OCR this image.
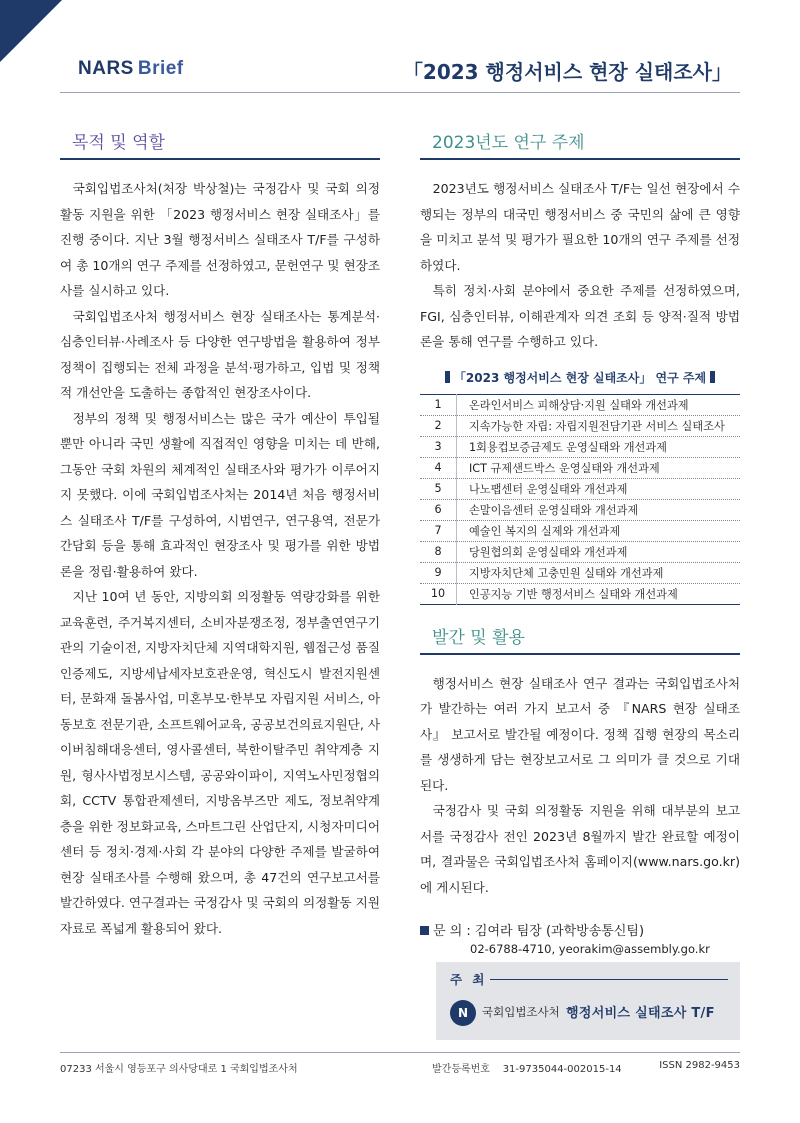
NARS Brief	「2023 행정서비스 현장 실태조사」
목적 및 역할

국회입법조사처(처장 박상철)는 국정감사 및 국회 의정활동 지원을 위한 「2023 행정서비스 현장 실태조사」를 진행 중이다. 지난 3월 행정서비스 실태조사 T/F를 구성하여 총 10개의 연구 주제를 선정하였고, 문헌연구 및 현장조사를 실시하고 있다.

국회입법조사처 행정서비스 현장 실태조사는 통계분석·심층인터뷰·사례조사 등 다양한 연구방법을 활용하여 정부 정책이 집행되는 전체 과정을 분석·평가하고, 입법 및 정책적 개선안을 도출하는 종합적인 현장조사이다.

정부의 정책 및 행정서비스는 많은 국가 예산이 투입될 뿐만 아니라 국민 생활에 직접적인 영향을 미치는 데 반해, 그동안 국회 차원의 체계적인 실태조사와 평가가 이루어지지 못했다. 이에 국회입법조사처는 2014년 처음 행정서비스 실태조사 T/F를 구성하여, 시범연구, 연구용역, 전문가간담회 등을 통해 효과적인 현장조사 및 평가를 위한 방법론을 정립·활용하여 왔다.

지난 10여 년 동안, 지방의회 의정활동 역량강화를 위한 교육훈련, 주거복지센터, 소비자분쟁조정, 정부출연연구기관의 기술이전, 지방자치단체 지역대학지원, 웹접근성 품질인증제도, 지방세납세자보호관운영, 혁신도시 발전지원센터, 문화재 돌봄사업, 미혼부모·한부모 자립지원 서비스, 아동보호 전문기관, 소프트웨어교육, 공공보건의료지원단, 사이버침해대응센터, 영사콜센터, 북한이탈주민 취약계층 지원, 형사사법정보시스템, 공공와이파이, 지역노사민정협의회, CCTV 통합관제센터, 지방옴부즈만 제도, 정보취약계층을 위한 정보화교육, 스마트그린 산업단지, 시청자미디어센터 등 정치·경제·사회 각 분야의 다양한 주제를 발굴하여 현장 실태조사를 수행해 왔으며, 총 47건의 연구보고서를 발간하였다. 연구결과는 국정감사 및 국회의 의정활동 지원 자료로 폭넓게 활용되어 왔다.

2023년도 연구 주제

2023년도 행정서비스 실태조사 T/F는 일선 현장에서 수행되는 정부의 대국민 행정서비스 중 국민의 삶에 큰 영향을 미치고 분석 및 평가가 필요한 10개의 연구 주제를 선정하였다.

특히 정치·사회 분야에서 중요한 주제를 선정하였으며, FGI, 심층인터뷰, 이해관계자 의견 조회 등 양적·질적 방법론을 통해 연구를 수행하고 있다.

「2023 행정서비스 현장 실태조사」 연구 주제
1	온라인서비스 피해상담·지원 실태와 개선과제
2	지속가능한 자립: 자립지원전담기관 서비스 실태조사
3	1회용컵보증금제도 운영실태와 개선과제
4	ICT 규제샌드박스 운영실태와 개선과제
5	나노팹센터 운영실태와 개선과제
6	손말이음센터 운영실태와 개선과제
7	예술인 복지의 실제와 개선과제
8	당원협의회 운영실태와 개선과제
9	지방자치단체 고충민원 실태와 개선과제
10	인공지능 기반 행정서비스 실태와 개선과제
발간 및 활용

행정서비스 현장 실태조사 연구 결과는 국회입법조사처가 발간하는 여러 가지 보고서 중 『NARS 현장 실태조사』 보고서로 발간될 예정이다. 정책 집행 현장의 목소리를 생생하게 담는 현장보고서로 그 의미가 클 것으로 기대된다.

국정감사 및 국회 의정활동 지원을 위해 대부분의 보고서를 국정감사 전인 2023년 8월까지 발간 완료할 예정이며, 결과물은 국회입법조사처 홈페이지(www.nars.go.kr)에 게시된다.

문 의 : 김여라 팀장 (과학방송통신팀)
02-6788-4710, yeorakim@assembly.go.kr
주 최
N	국회입법조사처 행정서비스 실태조사 T/F
07233 서울시 영등포구 의사당대로 1 국회입법조사처	발간등록번호 31-9735044-002015-14	ISSN 2982-9453
